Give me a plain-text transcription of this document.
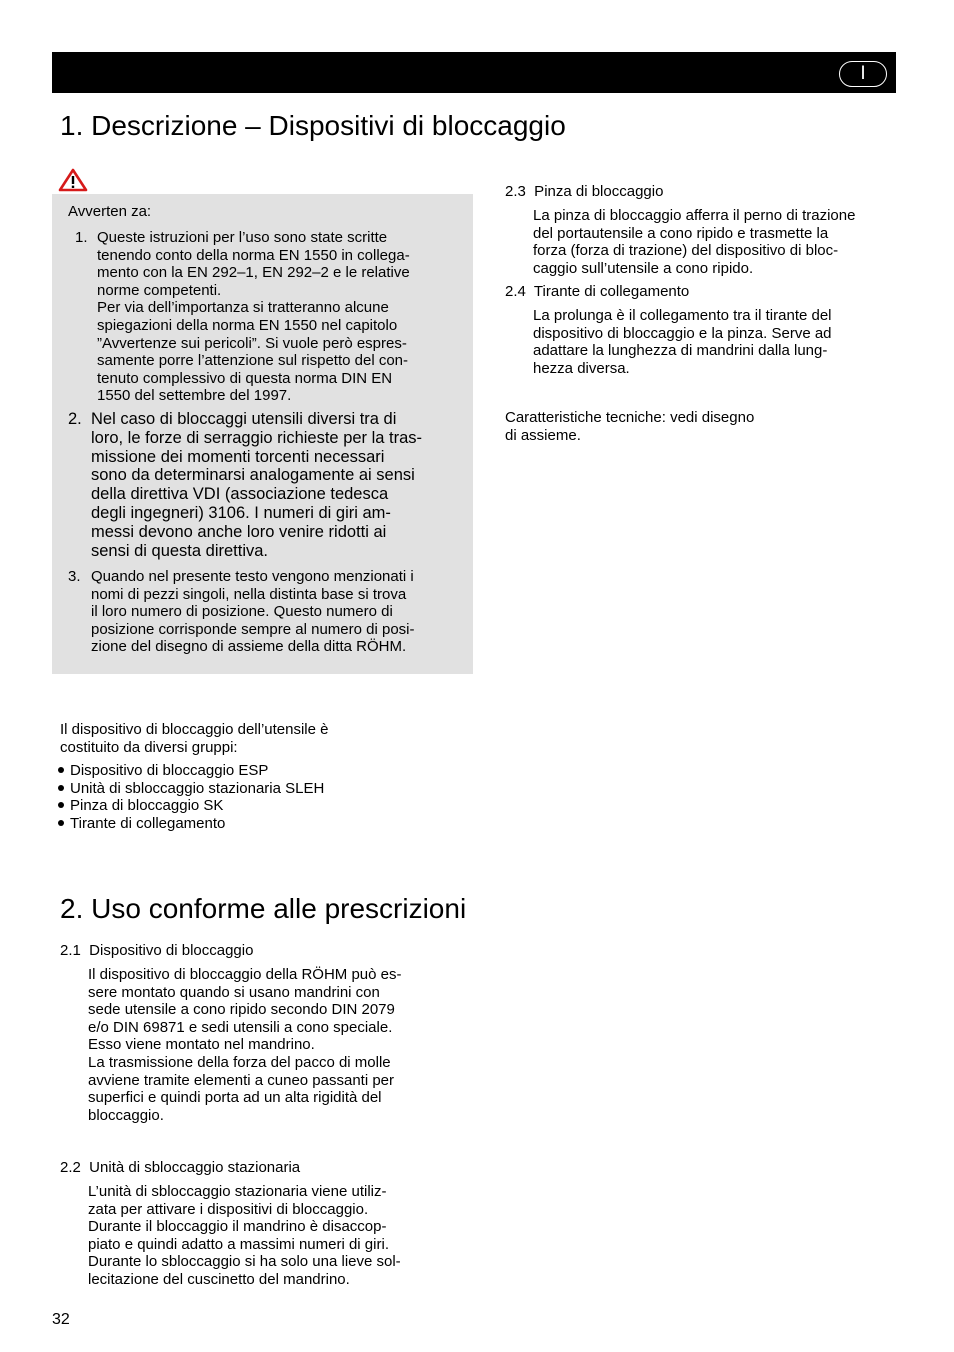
I
1. Descrizione – Dispositivi di bloccaggio
Avverten za:
1. Queste istruzioni per l’uso sono state scritte
tenendo conto della norma EN 1550 in collega-
mento con la EN 292–1, EN 292–2 e le relative
norme competenti.
Per via dell’importanza si tratteranno alcune
spiegazioni della norma EN 1550 nel capitolo
”Avvertenze sui pericoli”. Si vuole però espres-
samente porre l’attenzione sul rispetto del con-
tenuto complessivo di questa norma DIN EN
1550 del settembre del 1997.
2. Nel caso di bloccaggi utensili diversi tra di
loro, le forze di serraggio richieste per la tras-
missione dei momenti torcenti necessari
sono da determinarsi analogamente ai sensi
della direttiva VDI (associazione tedesca
degli ingegneri) 3106. I numeri di giri am-
messi devono anche loro venire ridotti ai
sensi di questa direttiva.
3. Quando nel presente testo vengono menzionati i
nomi di pezzi singoli, nella distinta base si trova
il loro numero di posizione. Questo numero di
posizione corrisponde sempre al numero di posi-
zione del disegno di assieme della ditta RÖHM.
Il dispositivo di bloccaggio dell’utensile è
costituito da diversi gruppi:
Dispositivo di bloccaggio ESP
Unità di sbloccaggio stazionaria SLEH
Pinza di bloccaggio SK
Tirante di collegamento
2. Uso conforme alle prescrizioni
2.1  Dispositivo di bloccaggio
Il dispositivo di bloccaggio della RÖHM può es-
sere montato quando si usano mandrini con
sede utensile a cono ripido secondo DIN 2079
e/o DIN 69871 e sedi utensili a cono speciale.
Esso viene montato nel mandrino.
La trasmissione della forza del pacco di molle
avviene tramite elementi a cuneo passanti per
superfici e quindi porta ad un alta rigidità del
bloccaggio.
2.2  Unità di sbloccaggio stazionaria
L’unità di sbloccaggio stazionaria viene utiliz-
zata per attivare i dispositivi di bloccaggio.
Durante il bloccaggio il mandrino è disaccop-
piato e quindi adatto a massimi numeri di giri.
Durante lo sbloccaggio si ha solo una lieve sol-
lecitazione del cuscinetto del mandrino.
2.3  Pinza di bloccaggio
La pinza di bloccaggio afferra il perno di trazione
del portautensile a cono ripido e trasmette la
forza (forza di trazione) del dispositivo di bloc-
caggio sull’utensile a cono ripido.
2.4  Tirante di collegamento
La prolunga è il collegamento tra il tirante del
dispositivo di bloccaggio e la pinza. Serve ad
adattare la lunghezza di mandrini dalla lung-
hezza diversa.
Caratteristiche tecniche: vedi disegno
di assieme.
32
